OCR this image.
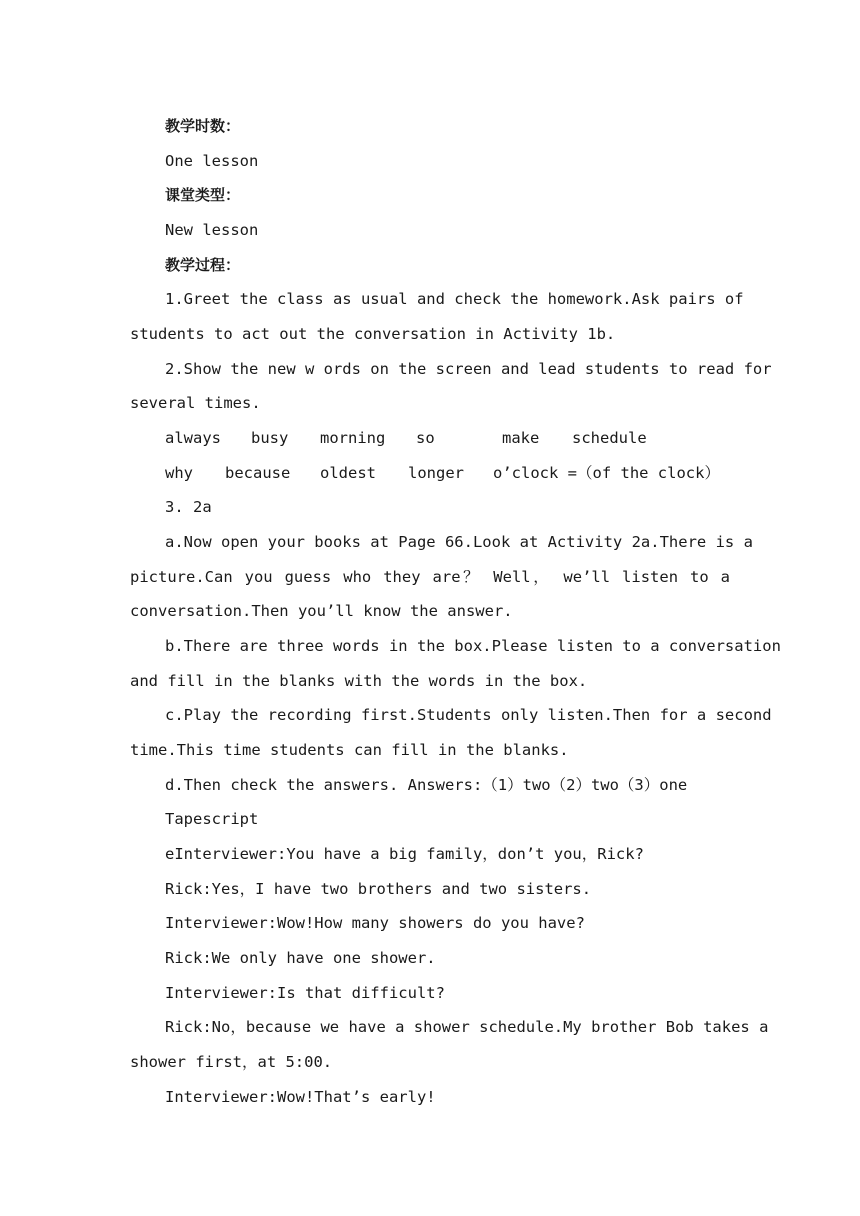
教学时数：
One lesson
课堂类型：
New lesson
教学过程：
1.Greet the class as usual and check the homework.Ask pairs of
students to act out the conversation in Activity 1b.
2.Show the new w ords on the screen and lead students to read for
several times.
always busy morning so	make schedule
why because oldest longer o’clock =（of the clock）
3. 2a
a.Now open your books at Page 66.Look at Activity 2a.There is a
picture.Can you guess who they are？ Well， we’ll listen to a
conversation.Then you’ll know the answer.
b.There are three words in the box.Please listen to a conversation
and fill in the blanks with the words in the box.
c.Play the recording first.Students only listen.Then for a second
time.This time students can fill in the blanks.
d.Then check the answers. Answers:（1）two（2）two（3）one
Tapescript
eInterviewer:You have a big family，don’t you，Rick?
Rick:Yes，I have two brothers and two sisters.
Interviewer:Wow!How many showers do you have?
Rick:We only have one shower.
Interviewer:Is that difficult?
Rick:No，because we have a shower schedule.My brother Bob takes a
shower first，at 5:00.
Interviewer:Wow!That’s early!
